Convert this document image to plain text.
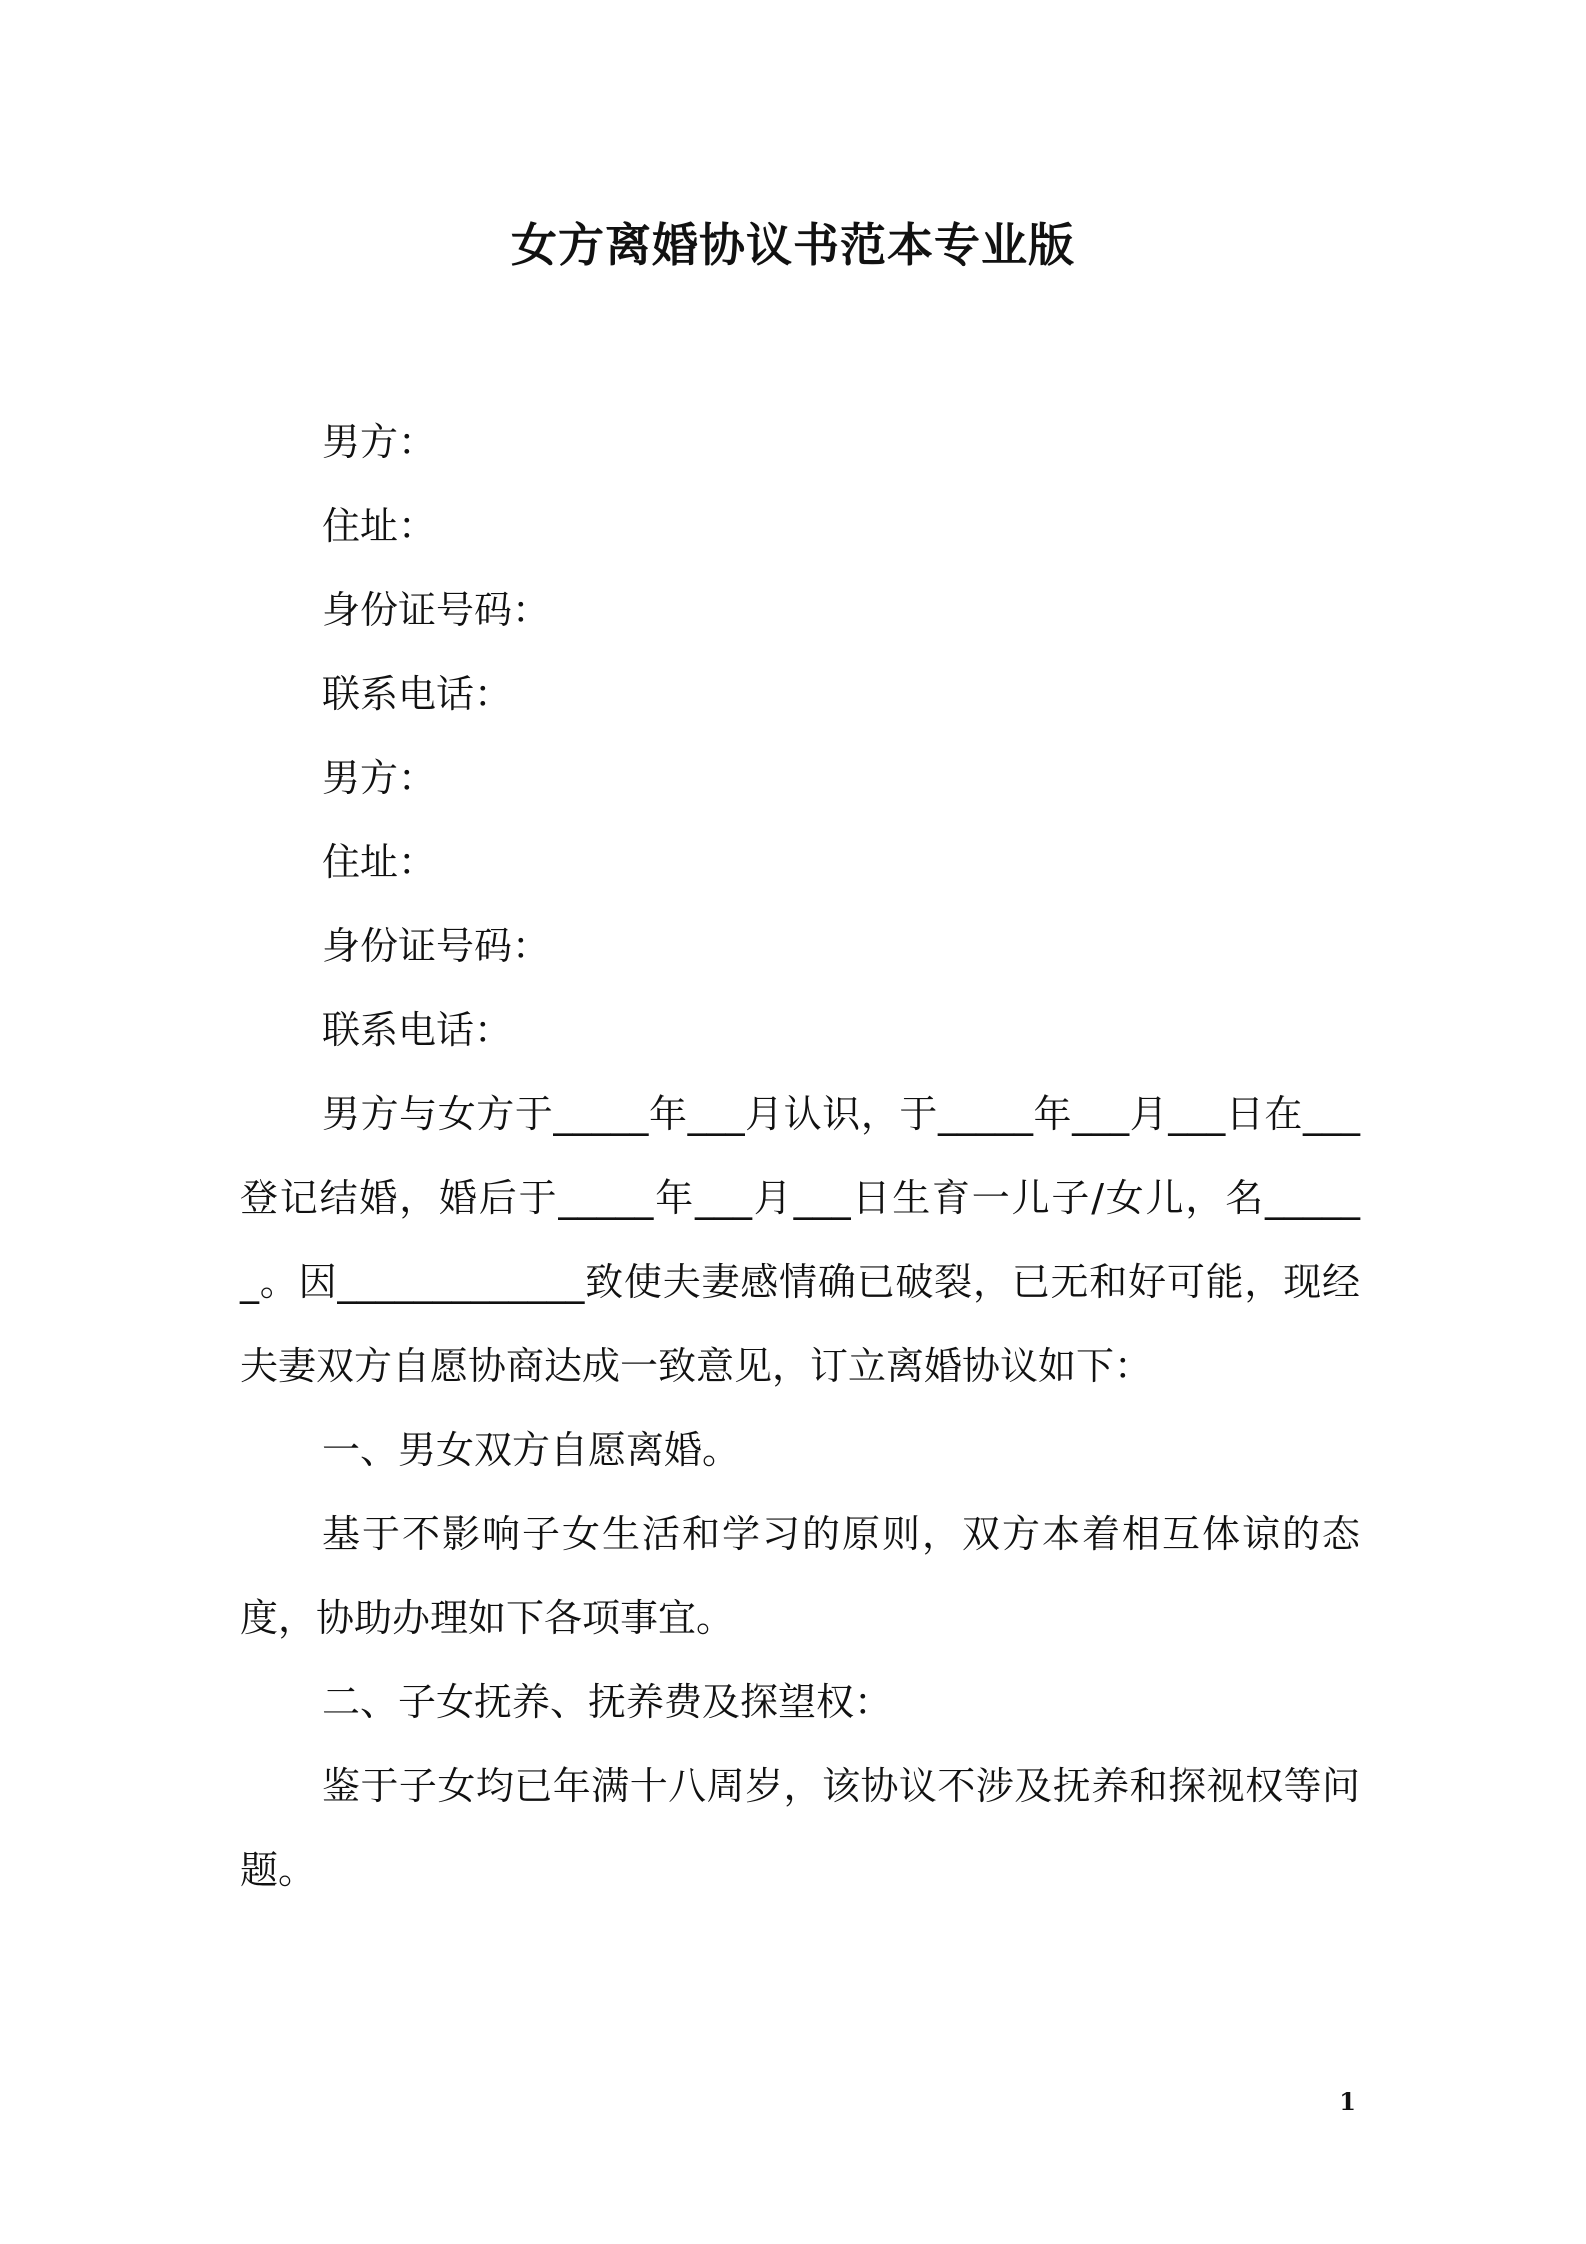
女方离婚协议书范本专业版

男方：

住址：

身份证号码：

联系电话：

男方：

住址：

身份证号码：

联系电话：

男方与女方于_____年___月认识，于_____年___月___日在___登记结婚，婚后于_____年___月___日生育一儿子/女儿，名______。因_____________致使夫妻感情确已破裂，已无和好可能，现经夫妻双方自愿协商达成一致意见，订立离婚协议如下：

一、男女双方自愿离婚。

基于不影响子女生活和学习的原则，双方本着相互体谅的态度，协助办理如下各项事宜。

二、子女抚养、抚养费及探望权：

鉴于子女均已年满十八周岁，该协议不涉及抚养和探视权等问题。

1
